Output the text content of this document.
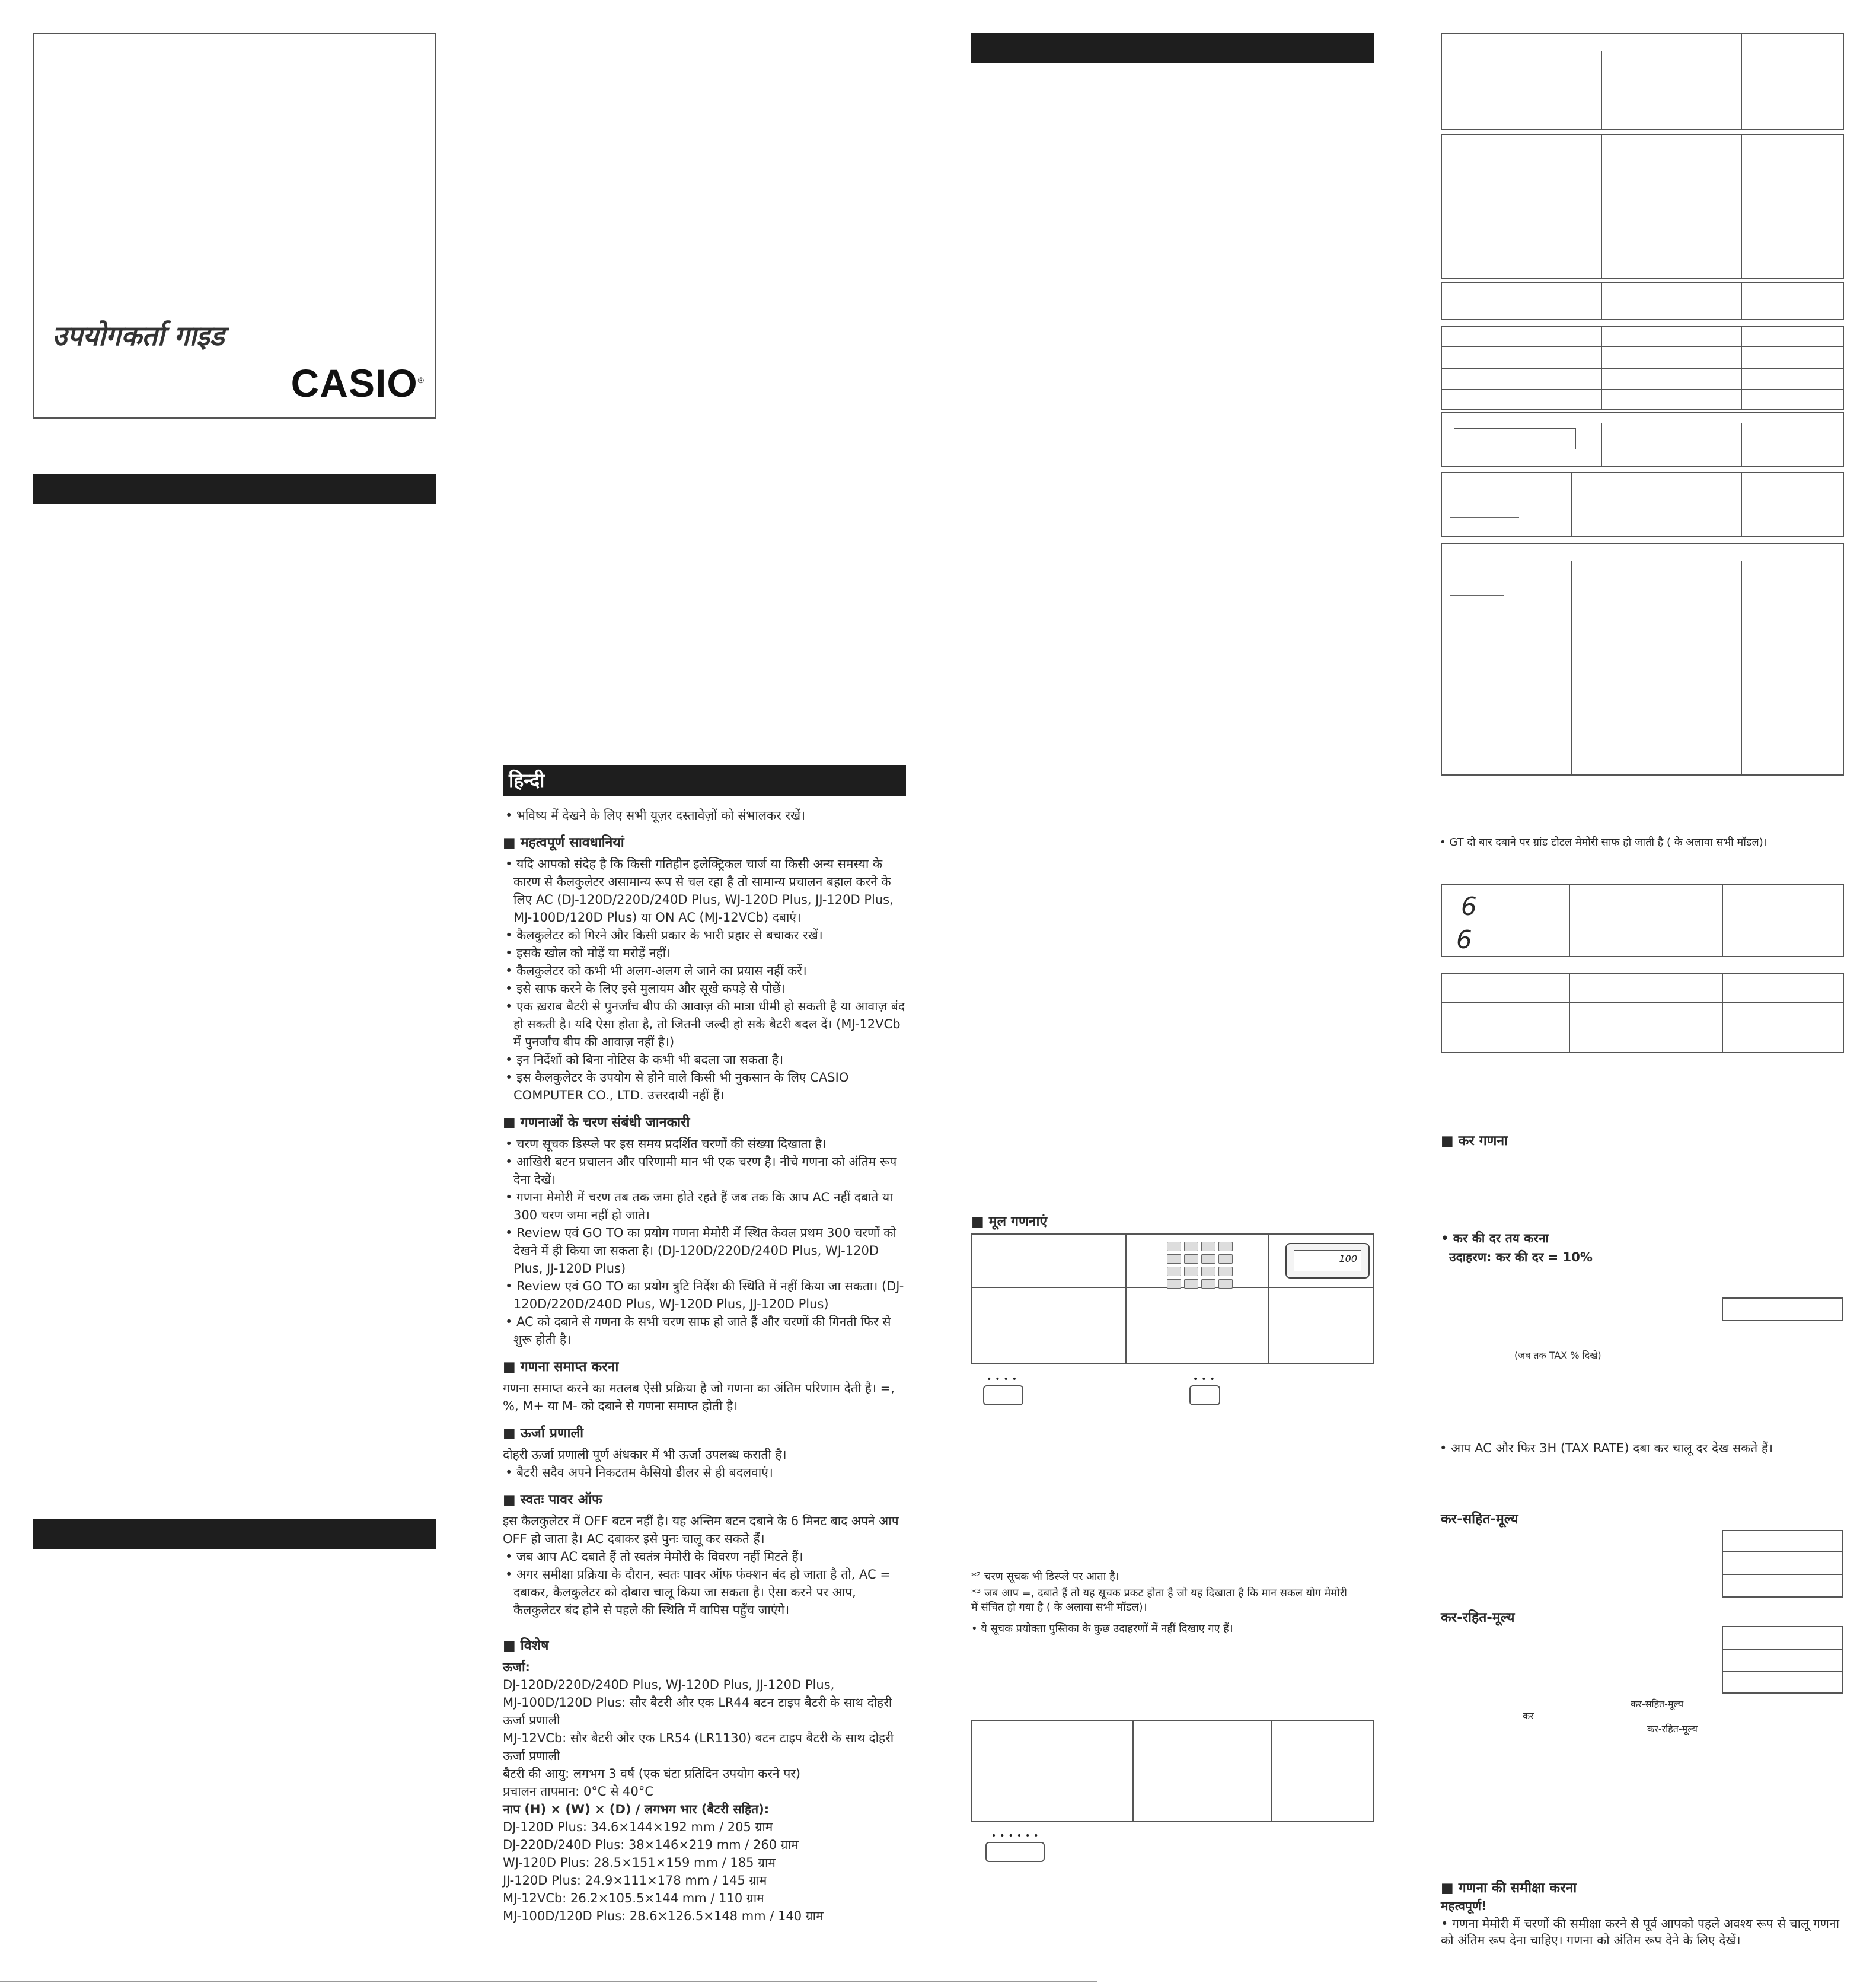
उपयोगकर्ता गाइड
CASIO®
हिन्दी

• भविष्य में देखने के लिए सभी यूज़र दस्तावेज़ों को संभालकर रखें।

■ महत्वपूर्ण सावधानियां

• यदि आपको संदेह है कि किसी गतिहीन इलेक्ट्रिकल चार्ज या किसी अन्य समस्या के कारण से कैलकुलेटर असामान्य रूप से चल रहा है तो सामान्य प्रचालन बहाल करने के लिए AC (DJ-120D/220D/240D Plus, WJ-120D Plus, JJ-120D Plus, MJ-100D/120D Plus) या ON AC (MJ-12VCb) दबाएं।

• कैलकुलेटर को गिरने और किसी प्रकार के भारी प्रहार से बचाकर रखें।

• इसके खोल को मोड़ें या मरोड़ें नहीं।

• कैलकुलेटर को कभी भी अलग-अलग ले जाने का प्रयास नहीं करें।

• इसे साफ करने के लिए इसे मुलायम और सूखे कपड़े से पोछें।

• एक ख़राब बैटरी से पुनर्जांच बीप की आवाज़ की मात्रा धीमी हो सकती है या आवाज़ बंद हो सकती है। यदि ऐसा होता है, तो जितनी जल्दी हो सके बैटरी बदल दें। (MJ-12VCb में पुनर्जांच बीप की आवाज़ नहीं है।)

• इन निर्देशों को बिना नोटिस के कभी भी बदला जा सकता है।

• इस कैलकुलेटर के उपयोग से होने वाले किसी भी नुकसान के लिए CASIO COMPUTER CO., LTD. उत्तरदायी नहीं हैं।

■ गणनाओं के चरण संबंधी जानकारी

• चरण सूचक डिस्प्ले पर इस समय प्रदर्शित चरणों की संख्या दिखाता है।

• आखिरी बटन प्रचालन और परिणामी मान भी एक चरण है। नीचे गणना को अंतिम रूप देना देखें।

• गणना मेमोरी में चरण तब तक जमा होते रहते हैं जब तक कि आप AC नहीं दबाते या 300 चरण जमा नहीं हो जाते।

• Review एवं GO TO का प्रयोग गणना मेमोरी में स्थित केवल प्रथम 300 चरणों को देखने में ही किया जा सकता है। (DJ-120D/220D/240D Plus, WJ-120D Plus, JJ-120D Plus)

• Review एवं GO TO का प्रयोग त्रुटि निर्देश की स्थिति में नहीं किया जा सकता। (DJ-120D/220D/240D Plus, WJ-120D Plus, JJ-120D Plus)

• AC को दबाने से गणना के सभी चरण साफ हो जाते हैं और चरणों की गिनती फिर से शुरू होती है।

■ गणना समाप्त करना

गणना समाप्त करने का मतलब ऐसी प्रक्रिया है जो गणना का अंतिम परिणाम देती है। =, %, M+ या M- को दबाने से गणना समाप्त होती है।

■ ऊर्जा प्रणाली

दोहरी ऊर्जा प्रणाली पूर्ण अंधकार में भी ऊर्जा उपलब्ध कराती है।

• बैटरी सदैव अपने निकटतम कैसियो डीलर से ही बदलवाएं।

■ स्वतः पावर ऑफ

इस कैलकुलेटर में OFF बटन नहीं है। यह अन्तिम बटन दबाने के 6 मिनट बाद अपने आप OFF हो जाता है। AC दबाकर इसे पुनः चालू कर सकते हैं।

• जब आप AC दबाते हैं तो स्वतंत्र मेमोरी के विवरण नहीं मिटते हैं।

• अगर समीक्षा प्रक्रिया के दौरान, स्वतः पावर ऑफ फंक्शन बंद हो जाता है तो, AC = दबाकर, कैलकुलेटर को दोबारा चालू किया जा सकता है। ऐसा करने पर आप, कैलकुलेटर बंद होने से पहले की स्थिति में वापिस पहुँच जाएंगे।

■ विशेष

ऊर्जा:

DJ-120D/220D/240D Plus, WJ-120D Plus, JJ-120D Plus,

MJ-100D/120D Plus: सौर बैटरी और एक LR44 बटन टाइप बैटरी के साथ दोहरी ऊर्जा प्रणाली

MJ-12VCb: सौर बैटरी और एक LR54 (LR1130) बटन टाइप बैटरी के साथ दोहरी ऊर्जा प्रणाली

बैटरी की आयु: लगभग 3 वर्ष (एक घंटा प्रतिदिन उपयोग करने पर)

प्रचालन तापमान: 0°C से 40°C

नाप (H) × (W) × (D) / लगभग भार (बैटरी सहित):

DJ-120D Plus: 34.6×144×192 mm / 205 ग्राम

DJ-220D/240D Plus: 38×146×219 mm / 260 ग्राम

WJ-120D Plus: 28.5×151×159 mm / 185 ग्राम

JJ-120D Plus: 24.9×111×178 mm / 145 ग्राम

MJ-12VCb: 26.2×105.5×144 mm / 110 ग्राम

MJ-100D/120D Plus: 28.6×126.5×148 mm / 140 ग्राम

■ मूल गणनाएं
100
••••	•••
*² चरण सूचक भी डिस्प्ले पर आता है।
*³ जब आप =, दबाते हैं तो यह सूचक प्रकट होता है जो यह दिखाता है कि मान सकल योग मेमोरी में संचित हो गया है ( के अलावा सभी मॉडल)।
• ये सूचक प्रयोक्ता पुस्तिका के कुछ उदाहरणों में नहीं दिखाए गए हैं।
••••••
• GT दो बार दबाने पर ग्रांड टोटल मेमोरी साफ हो जाती है ( के अलावा सभी मॉडल)।
6
6
■ कर गणना
• कर की दर तय करना
उदाहरण: कर की दर = 10%
(जब तक TAX % दिखे)
• आप AC और फिर 3H (TAX RATE) दबा कर चालू दर देख सकते हैं।
कर-सहित-मूल्य
कर-रहित-मूल्य
कर-सहित-मूल्य
कर
कर-रहित-मूल्य
■ गणना की समीक्षा करना
महत्वपूर्ण!
• गणना मेमोरी में चरणों की समीक्षा करने से पूर्व आपको पहले अवश्य रूप से चालू गणना को अंतिम रूप देना चाहिए। गणना को अंतिम रूप देने के लिए देखें।
